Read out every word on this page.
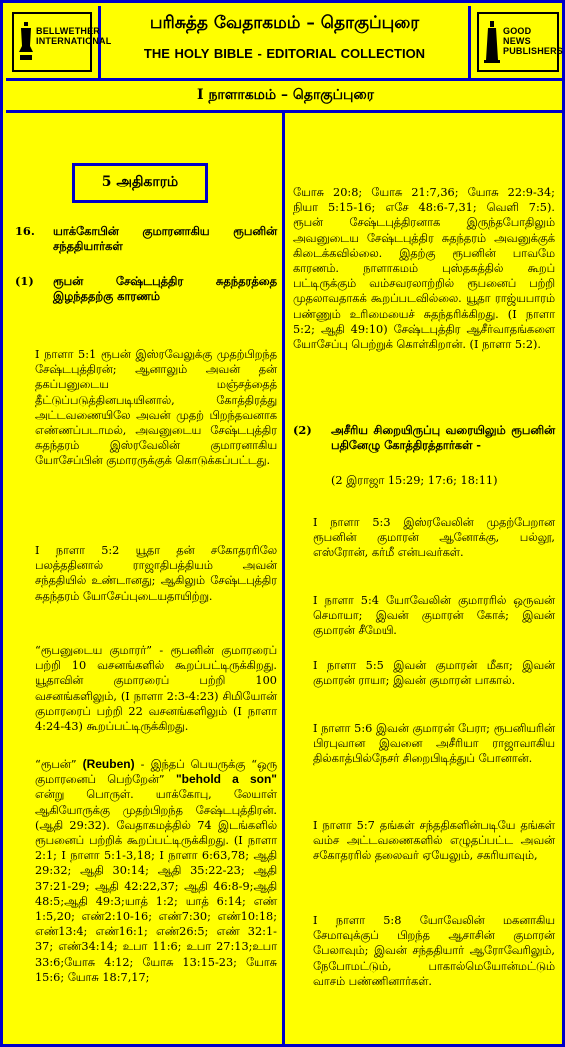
BELLWETHER INTERNATIONAL
பரிசுத்த வேதாகமம் – தொகுப்புரை
THE HOLY BIBLE - EDITORIAL COLLECTION
GOOD NEWS PUBLISHERS
I நாளாகமம் – தொகுப்புரை
5 அதிகாரம்
16. யாக்கோபின் குமாரனாகிய ரூபனின் சந்ததியார்கள்
(1) ரூபன் சேஷ்டபுத்திர சுதந்தரத்தை இழந்ததற்கு காரணம்
I நாளா 5:1 ரூபன் இஸ்ரவேலுக்கு முதற்பிறந்த சேஷ்டபுத்திரன்; ஆனாலும் அவன் தன் தகப்பனுடைய மஞ்சத்தைத் தீட்டுப்படுத்தினபடியினால், கோத்திரத்து அட்டவணையிலே அவன் முதற் பிறந்தவனாக எண்ணப்படாமல், அவனுடைய சேஷ்டபுத்திர சுதந்தரம் இஸ்ரவேலின் குமாரனாகிய யோசேப்பின் குமாரருக்குக் கொடுக்கப்பட்டது.
I நாளா 5:2 யூதா தன் சகோதரரிலே பலத்ததினால் ராஜாதிபத்தியம் அவன் சந்ததியில் உண்டானது; ஆகிலும் சேஷ்டபுத்திர சுதந்தரம் யோசேப்புடையதாயிற்று.
“ரூபனுடைய குமாரர்” - ரூபனின் குமாரரைப் பற்றி 10 வசனங்களில் கூறப்பட்டிருக்கிறது. யூதாவின் குமாரரைப் பற்றி 100 வசனங்களிலும், (I நாளா 2:3-4:23) சிமியோன் குமாரரைப் பற்றி 22 வசனங்களிலும் (I நாளா 4:24-43) கூறப்பட்டிருக்கிறது.
“ரூபன்” (Reuben) - இந்தப் பெயருக்கு “ஒரு குமாரனைப் பெற்றேன்” "behold a son" என்று பொருள். யாக்கோபு, லேயாள் ஆகியோருக்கு முதற்பிறந்த சேஷ்டபுத்திரன். (ஆதி 29:32). வேதாகமத்தில் 74 இடங்களில் ரூபனைப் பற்றிக் கூறப்பட்டிருக்கிறது. (I நாளா 2:1; I நாளா 5:1-3,18; I நாளா 6:63,78; ஆதி 29:32; ஆதி 30:14; ஆதி 35:22-23; ஆதி 37:21-29; ஆதி 42:22,37; ஆதி 46:8-9;ஆதி 48:5;ஆதி 49:3;யாத் 1:2; யாத் 6:14; எண் 1:5,20; எண்2:10-16; எண்7:30; எண்10:18; எண்13:4; எண்16:1; எண்26:5; எண் 32:1- 37; எண்34:14; உபா 11:6; உபா 27:13;உபா 33:6;யோசு 4:12; யோசு 13:15-23; யோசு 15:6; யோசு 18:7,17;
யோசு 20:8; யோசு 21:7,36; யோசு 22:9-34; நியா 5:15-16; எசே 48:6-7,31; வெளி 7:5). ரூபன் சேஷ்டபுத்திரனாக இருந்தபோதிலும் அவனுடைய சேஷ்டபுத்திர சுதந்தரம் அவனுக்குக் கிடைக்கவில்லை. இதற்கு ரூபனின் பாவமே காரணம். நாளாகமம் புஸ்தகத்தில் கூறப் பட்டிருக்கும் வம்சவரலாற்றில் ரூபனைப் பற்றி முதலாவதாகக் கூறப்படவில்லை. யூதா ராஜ்யபாரம் பண்ணும் உரிமையைச் சுதந்தரிக்கிறது. (I நாளா 5:2; ஆதி 49:10) சேஷ்டபுத்திர ஆசீர்வாதங்களை யோசேப்பு பெற்றுக் கொள்கிறான். (I நாளா 5:2).
(2) அசீரிய சிறையிருப்பு வரையிலும் ரூபனின் பதினேழு கோத்திரத்தார்கள் -
(2 இராஜா 15:29; 17:6; 18:11)
I நாளா 5:3 இஸ்ரவேலின் முதற்பேறான ரூபனின் குமாரன் ஆனோக்கு, பல்லூ, எஸ்ரோன், கர்மீ என்பவர்கள்.
I நாளா 5:4 யோவேலின் குமாரரில் ஒருவன் செமாயா; இவன் குமாரன் கோக்; இவன் குமாரன் சீமேயி.
I நாளா 5:5 இவன் குமாரன் மீகா; இவன் குமாரன் ராயா; இவன் குமாரன் பாகால்.
I நாளா 5:6 இவன் குமாரன் பேரா; ரூபனியரின் பிரபுவான இவனை அசீரியா ராஜாவாகிய தில்காத்பில்நேசர் சிறைபிடித்துப் போனான்.
I நாளா 5:7 தங்கள் சந்ததிகளின்படியே தங்கள் வம்ச அட்டவணைகளில் எழுதப்பட்ட அவன் சகோதரரில் தலைவர் ஏயேலும், சகரியாவும்,
I நாளா 5:8 யோவேலின் மகனாகிய சேமாவுக்குப் பிறந்த ஆசாசின் குமாரன் பேலாவும்; இவன் சந்ததியார் ஆரோவேரிலும், நேபோமட்டும், பாகால்மெயோன்மட்டும் வாசம் பண்ணினார்கள்.
